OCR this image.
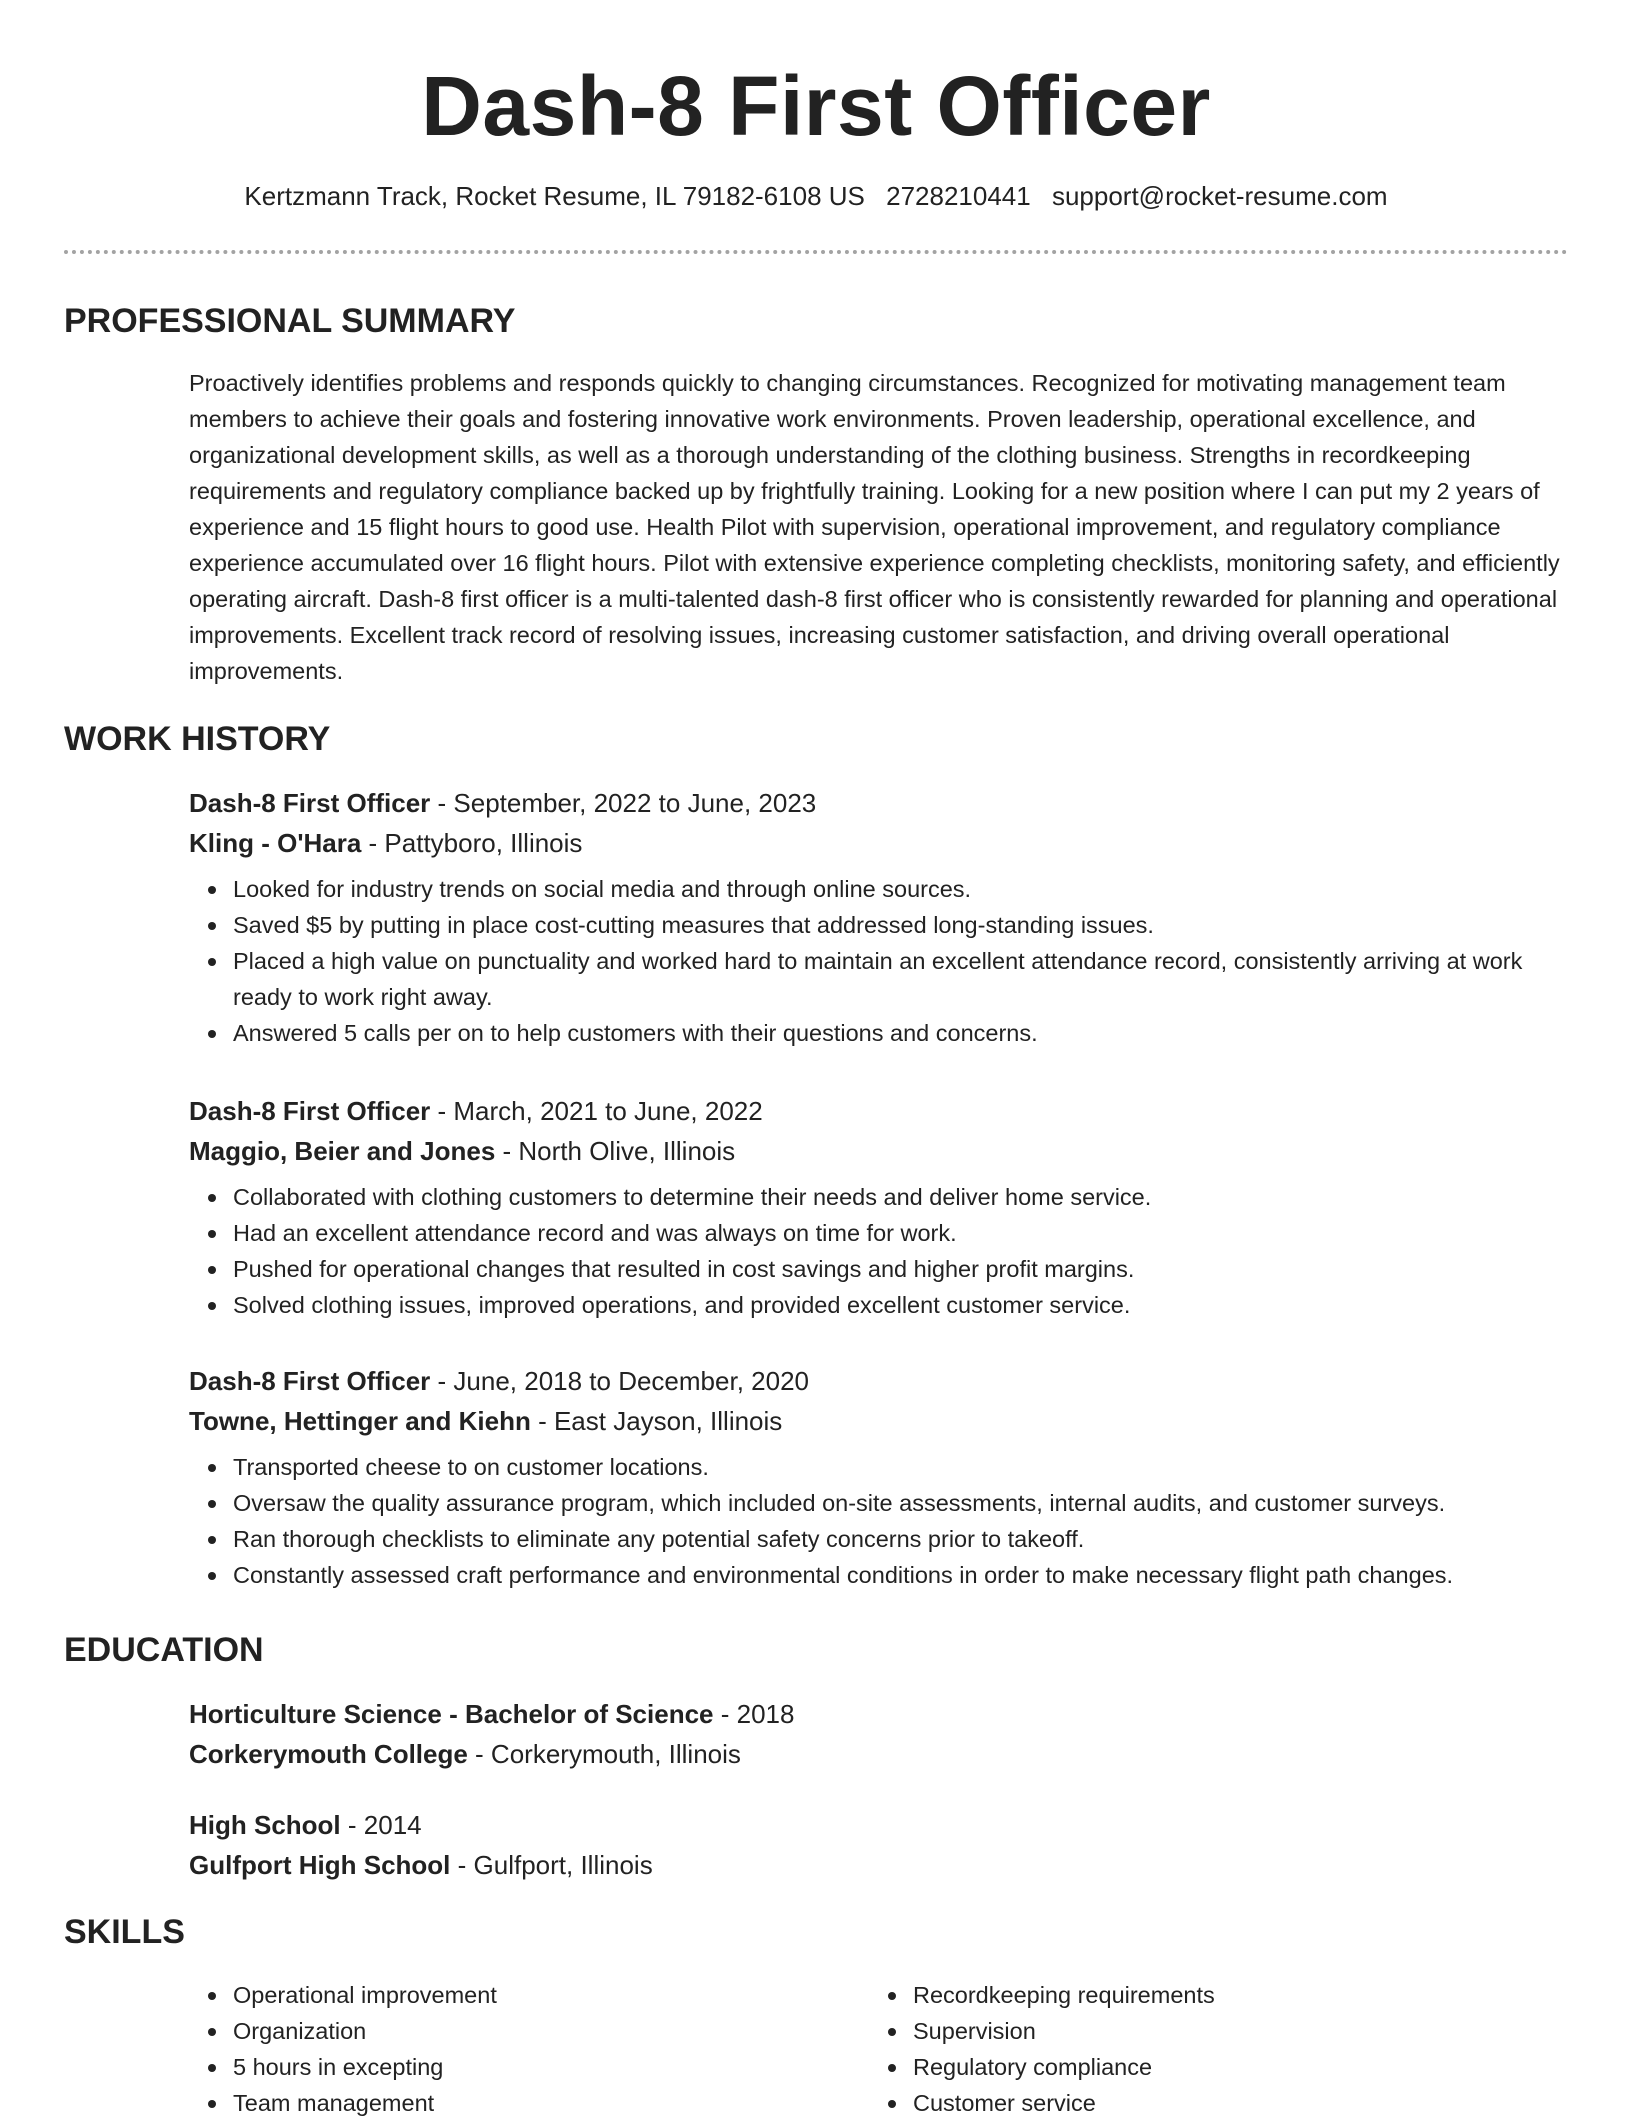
Dash-8 First Officer
Kertzmann Track, Rocket Resume, IL 79182-6108 US 2728210441 support@rocket-resume.com
PROFESSIONAL SUMMARY

Proactively identifies problems and responds quickly to changing circumstances. Recognized for motivating management team members to achieve their goals and fostering innovative work environments. Proven leadership, operational excellence, and organizational development skills, as well as a thorough understanding of the clothing business. Strengths in recordkeeping requirements and regulatory compliance backed up by frightfully training. Looking for a new position where I can put my 2 years of experience and 15 flight hours to good use. Health Pilot with supervision, operational improvement, and regulatory compliance experience accumulated over 16 flight hours. Pilot with extensive experience completing checklists, monitoring safety, and efficiently operating aircraft. Dash-8 first officer is a multi-talented dash-8 first officer who is consistently rewarded for planning and operational improvements. Excellent track record of resolving issues, increasing customer satisfaction, and driving overall operational improvements.

WORK HISTORY

Dash-8 First Officer - September, 2022 to June, 2023

Kling - O'Hara - Pattyboro, Illinois

Looked for industry trends on social media and through online sources.
Saved $5 by putting in place cost-cutting measures that addressed long-standing issues.
Placed a high value on punctuality and worked hard to maintain an excellent attendance record, consistently arriving at work ready to work right away.
Answered 5 calls per on to help customers with their questions and concerns.

Dash-8 First Officer - March, 2021 to June, 2022

Maggio, Beier and Jones - North Olive, Illinois

Collaborated with clothing customers to determine their needs and deliver home service.
Had an excellent attendance record and was always on time for work.
Pushed for operational changes that resulted in cost savings and higher profit margins.
Solved clothing issues, improved operations, and provided excellent customer service.

Dash-8 First Officer - June, 2018 to December, 2020

Towne, Hettinger and Kiehn - East Jayson, Illinois

Transported cheese to on customer locations.
Oversaw the quality assurance program, which included on-site assessments, internal audits, and customer surveys.
Ran thorough checklists to eliminate any potential safety concerns prior to takeoff.
Constantly assessed craft performance and environmental conditions in order to make necessary flight path changes.
EDUCATION

Horticulture Science - Bachelor of Science - 2018

Corkerymouth College - Corkerymouth, Illinois

High School - 2014

Gulfport High School - Gulfport, Illinois

SKILLS
Operational improvement
Organization
5 hours in excepting
Team management
Recordkeeping requirements
Supervision
Regulatory compliance
Customer service
